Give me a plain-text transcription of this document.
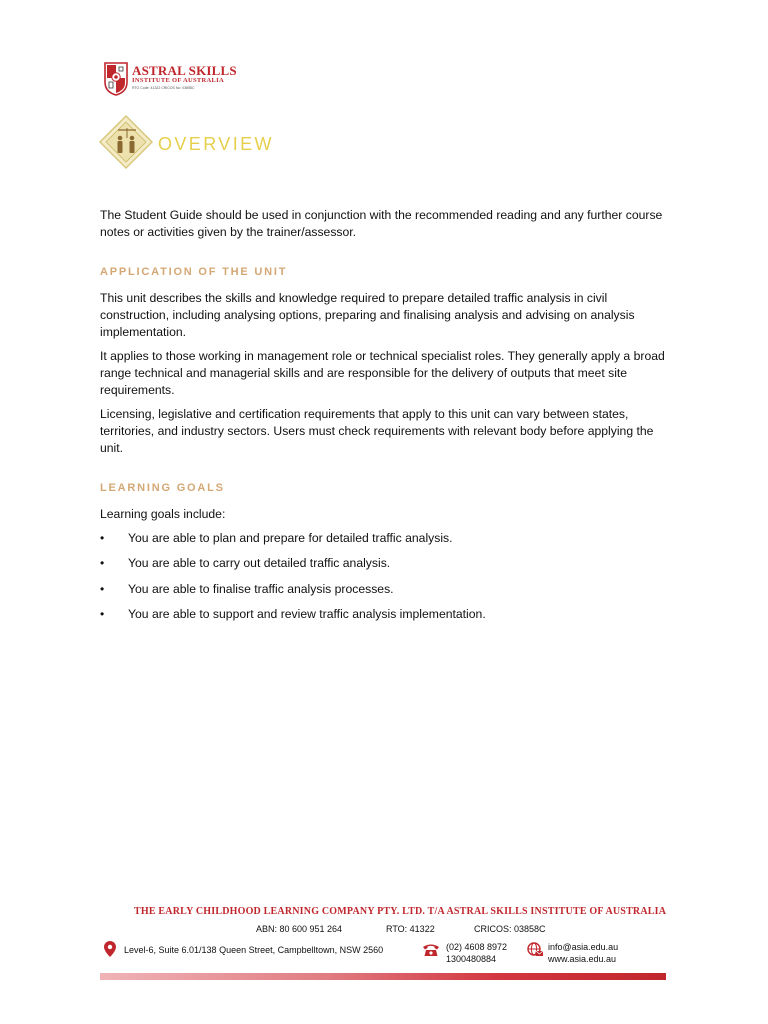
ASTRAL SKILLS
INSTITUTE OF AUSTRALIA
RTO Code: 41322 CRICOS No: 03858C
OVERVIEW

The Student Guide should be used in conjunction with the recommended reading and any further course notes or activities given by the trainer/assessor.

APPLICATION OF THE UNIT

This unit describes the skills and knowledge required to prepare detailed traffic analysis in civil construction, including analysing options, preparing and finalising analysis and advising on analysis implementation.

It applies to those working in management role or technical specialist roles. They generally apply a broad range technical and managerial skills and are responsible for the delivery of outputs that meet site requirements.

Licensing, legislative and certification requirements that apply to this unit can vary between states, territories, and industry sectors. Users must check requirements with relevant body before applying the unit.

LEARNING GOALS

Learning goals include:

• You are able to plan and prepare for detailed traffic analysis.
• You are able to carry out detailed traffic analysis.
• You are able to finalise traffic analysis processes.
• You are able to support and review traffic analysis implementation.
THE EARLY CHILDHOOD LEARNING COMPANY PTY. LTD. T/A ASTRAL SKILLS INSTITUTE OF AUSTRALIA
ABN: 80 600 951 264	RTO: 41322	CRICOS: 03858C
Level-6, Suite 6.01/138 Queen Street, Campbelltown, NSW 2560	(02) 4608 8972
1300480884
info@asia.edu.au
www.asia.edu.au
